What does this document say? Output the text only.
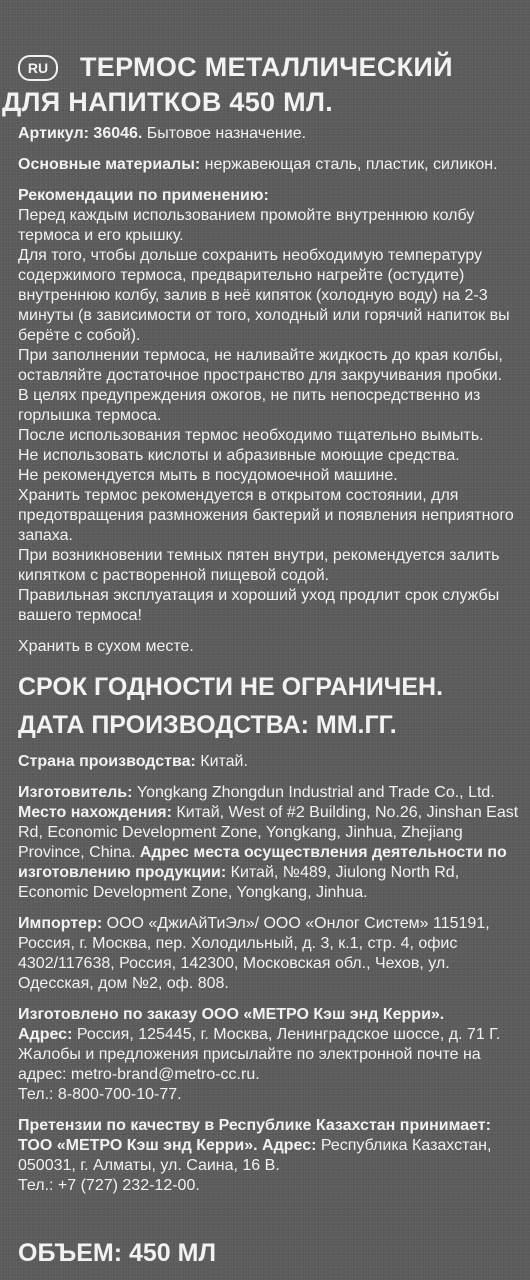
RU	ТЕРМОС МЕТАЛЛИЧЕСКИЙ
ДЛЯ НАПИТКОВ 450 МЛ.

Артикул: 36046. Бытовое назначение.

Основные материалы: нержавеющая сталь, пластик, силикон.

Рекомендации по применению:

Перед каждым использованием промойте внутреннюю колбу термоса и его крышку.
Для того, чтобы дольше сохранить необходимую температуру содержимого термоса, предварительно нагрейте (остудите) внутреннюю колбу, залив в неё кипяток (холодную воду) на 2-3 минуты (в зависимости от того, холодный или горячий напиток вы берёте с собой).
При заполнении термоса, не наливайте жидкость до края колбы, оставляйте достаточное пространство для закручивания пробки.
В целях предупреждения ожогов, не пить непосредственно из горлышка термоса.
После использования термос необходимо тщательно вымыть.
Не использовать кислоты и абразивные моющие средства.
Не рекомендуется мыть в посудомоечной машине.
Хранить термос рекомендуется в открытом состоянии, для предотвращения размножения бактерий и появления неприятного запаха.
При возникновении темных пятен внутри, рекомендуется залить кипятком с растворенной пищевой содой.
Правильная эксплуатация и хороший уход продлит срок службы вашего термоса!

Хранить в сухом месте.

СРОК ГОДНОСТИ НЕ ОГРАНИЧЕН.

ДАТА ПРОИЗВОДСТВА: ММ.ГГ.

Страна производства: Китай.

Изготовитель: Yongkang Zhongdun Industrial and Trade Co., Ltd. Место нахождения: Китай, West of #2 Building, No.26, Jinshan East Rd, Economic Development Zone, Yongkang, Jinhua, Zhejiang Province, China. Адрес места осуществления деятельности по изготовлению продукции: Китай, №489, Jiulong North Rd, Economic Development Zone, Yongkang, Jinhua.

Импортер: ООО «ДжиАйТиЭл»/ ООО «Онлог Систем» 115191, Россия, г. Москва, пер. Холодильный, д. 3, к.1, стр. 4, офис 4302/117638, Россия, 142300, Московская обл., Чехов, ул. Одесская, дом №2, оф. 808.

Изготовлено по заказу ООО «МЕТРО Кэш энд Керри».

Адрес: Россия, 125445, г. Москва, Ленинградское шоссе, д. 71 Г. Жалобы и предложения присылайте по электронной почте на адрес: metro-brand@metro-cc.ru.

Тел.: 8-800-700-10-77.

Претензии по качеству в Республике Казахстан принимает: ТОО «МЕТРО Кэш энд Керри». Адрес: Республика Казахстан, 050031, г. Алматы, ул. Саина, 16 В.

Тел.: +7 (727) 232-12-00.

ОБЪЕМ: 450 МЛ
